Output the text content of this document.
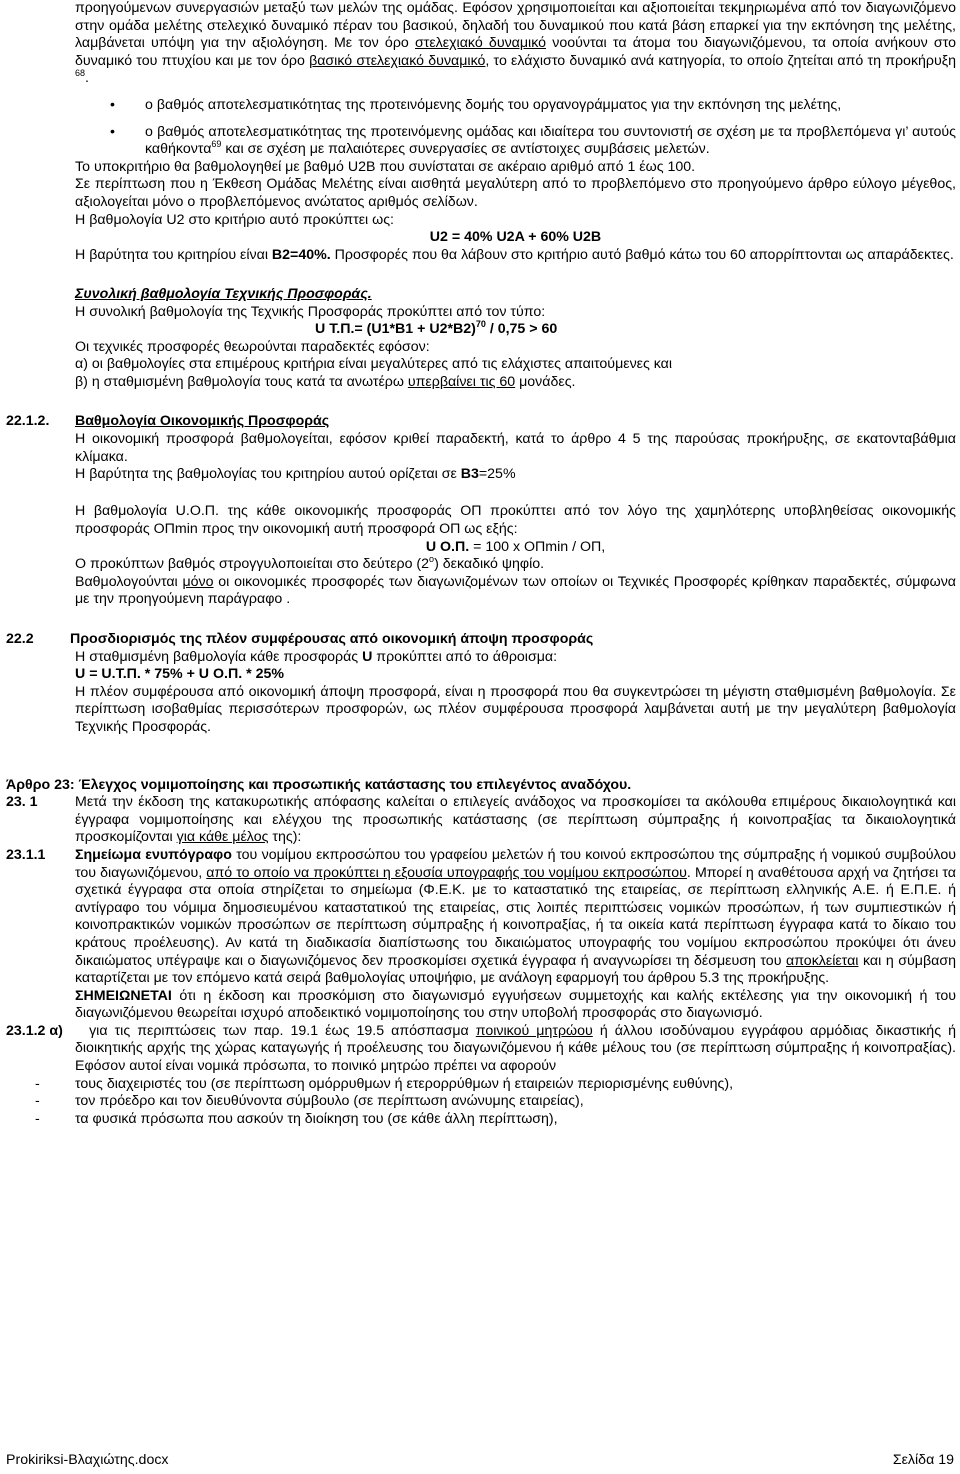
προηγούμενων συνεργασιών μεταξύ των μελών της ομάδας. Εφόσον χρησιμοποιείται και αξιοποιείται τεκμηριωμένα από τον διαγωνιζόμενο στην ομάδα μελέτης στελεχικό δυναμικό πέραν του βασικού, δηλαδή του δυναμικού που κατά βάση επαρκεί για την εκπόνηση της μελέτης, λαμβάνεται υπόψη για την αξιολόγηση. Με τον όρο στελεχιακό δυναμικό νοούνται τα άτομα του διαγωνιζόμενου, τα οποία ανήκουν στο δυναμικό του πτυχίου και με τον όρο βασικό στελεχιακό δυναμικό, το ελάχιστο δυναμικό ανά κατηγορία, το οποίο ζητείται από τη προκήρυξη $^{68}$.
• ο βαθμός αποτελεσματικότητας της προτεινόμενης δομής του οργανογράμματος για την εκπόνηση της μελέτης,
• ο βαθμός αποτελεσματικότητας της προτεινόμενης ομάδας και ιδιαίτερα του συντονιστή σε σχέση με τα προβλεπόμενα γι’ αυτούς καθήκοντα$^{69}$ και σε σχέση με παλαιότερες συνεργασίες σε αντίστοιχες συμβάσεις μελετών.
Το υποκριτήριο θα βαθμολογηθεί με βαθμό U2B που συνίσταται σε ακέραιο αριθμό από 1 έως 100.
Σε περίπτωση που η Έκθεση Ομάδας Μελέτης είναι αισθητά μεγαλύτερη από το προβλεπόμενο στο προηγούμενο άρθρο εύλογο μέγεθος, αξιολογείται μόνο ο προβλεπόμενος ανώτατος αριθμός σελίδων.
Η βαθμολογία U2 στο κριτήριο αυτό προκύπτει ως:
U2 = 40% U2A + 60% U2B
Η βαρύτητα του κριτηρίου είναι Β2=40%. Προσφορές που θα λάβουν στο κριτήριο αυτό βαθμό κάτω του 60 απορρίπτονται ως απαράδεκτες.
Συνολική βαθμολογία Τεχνικής Προσφοράς.
Η συνολική βαθμολογία της Τεχνικής Προσφοράς προκύπτει από τον τύπο:
U $T.\Pi.= (U1*B1 + U2*B2)^{70} / 0,75 > 60$
Οι τεχνικές προσφορές θεωρούνται παραδεκτές εφόσον:
α) οι βαθμολογίες στα επιμέρους κριτήρια είναι μεγαλύτερες από τις ελάχιστες απαιτούμενες και
β) η σταθμισμένη βαθμολογία τους κατά τα ανωτέρω υπερβαίνει τις 60 μονάδες.
22.1.2. Βαθμολογία Οικονομικής Προσφοράς
Η οικονομική προσφορά βαθμολογείται, εφόσον κριθεί παραδεκτή, κατά το άρθρο 4 5 της παρούσας προκήρυξης, σε εκατονταβάθμια κλίμακα.
Η βαρύτητα της βαθμολογίας του κριτηρίου αυτού ορίζεται σε Β3=25%
Η βαθμολογία U.Ο.Π. της κάθε οικονομικής προσφοράς ΟΠ προκύπτει από τον λόγο της χαμηλότερης υποβληθείσας οικονομικής προσφοράς ΟΠmin προς την οικονομική αυτή προσφορά ΟΠ ως εξής:
U O.Π. = 100 x ΟΠmin / ΟΠ,
Ο προκύπτων βαθμός στρογγυλοποιείται στο δεύτερο $(2^o)$ δεκαδικό ψηφίο.
Βαθμολογούνται μόνο οι οικονομικές προσφορές των διαγωνιζομένων των οποίων οι Τεχνικές Προσφορές κρίθηκαν παραδεκτές, σύμφωνα με την προηγούμενη παράγραφο .
22.2	Προσδιορισμός της πλέον συμφέρουσας από οικονομική άποψη προσφοράς
Η σταθμισμένη βαθμολογία κάθε προσφοράς U προκύπτει από το άθροισμα:
U = U.Τ.Π. * 75% + U O.Π. * 25%
Η πλέον συμφέρουσα από οικονομική άποψη προσφορά, είναι η προσφορά που θα συγκεντρώσει τη μέγιστη σταθμισμένη βαθμολογία. Σε περίπτωση ισοβαθμίας περισσότερων προσφορών, ως πλέον συμφέρουσα προσφορά λαμβάνεται αυτή με την μεγαλύτερη βαθμολογία Τεχνικής Προσφοράς.
Άρθρο 23: Έλεγχος νομιμοποίησης και προσωπικής κατάστασης του επιλεγέντος αναδόχου.
23. 1	Μετά την έκδοση της κατακυρωτικής απόφασης καλείται ο επιλεγείς ανάδοχος να προσκομίσει τα ακόλουθα επιμέρους δικαιολογητικά και έγγραφα νομιμοποίησης και ελέγχου της προσωπικής κατάστασης (σε περίπτωση σύμπραξης ή κοινοπραξίας τα δικαιολογητικά προσκομίζονται για κάθε μέλος της):
23.1.1 Σημείωμα ενυπόγραφο του νομίμου εκπροσώπου του γραφείου μελετών ή του κοινού εκπροσώπου της σύμπραξης ή νομικού συμβούλου του διαγωνιζόμενου, από το οποίο να προκύπτει η εξουσία υπογραφής του νομίμου εκπροσώπου. Μπορεί η αναθέτουσα αρχή να ζητήσει τα σχετικά έγγραφα στα οποία στηρίζεται το σημείωμα (Φ.Ε.Κ. με το καταστατικό της εταιρείας, σε περίπτωση ελληνικής Α.Ε. ή Ε.Π.Ε. ή αντίγραφο του νόμιμα δημοσιευμένου καταστατικού της εταιρείας, στις λοιπές περιπτώσεις νομικών προσώπων, ή των συμπιεστικών ή κοινοπρακτικών νομικών προσώπων σε περίπτωση σύμπραξης ή κοινοπραξίας, ή τα οικεία κατά περίπτωση έγγραφα κατά το δίκαιο του κράτους προέλευσης). Αν κατά τη διαδικασία διαπίστωσης του δικαιώματος υπογραφής του νομίμου εκπροσώπου προκύψει ότι άνευ δικαιώματος υπέγραψε και ο διαγωνιζόμενος δεν προσκομίσει σχετικά έγγραφα ή αναγνωρίσει τη δέσμευση του αποκλείεται και η σύμβαση καταρτίζεται με τον επόμενο κατά σειρά βαθμολογίας υποψήφιο, με ανάλογη εφαρμογή του άρθρου 5.3 της προκήρυξης.
ΣΗΜΕΙΩΝΕΤΑΙ ότι η έκδοση και προσκόμιση στο διαγωνισμό εγγυήσεων συμμετοχής και καλής εκτέλεσης για την οικονομική ή του διαγωνιζόμενου θεωρείται ισχυρό αποδεικτικό νομιμοποίησης του στην υποβολή προσφοράς στο διαγωνισμό.
23.1.2 α)	για τις περιπτώσεις των παρ. 19.1 έως 19.5 απόσπασμα ποινικού μητρώου ή άλλου ισοδύναμου εγγράφου αρμόδιας δικαστικής ή διοικητικής αρχής της χώρας καταγωγής ή προέλευσης του διαγωνιζόμενου ή κάθε μέλους του (σε περίπτωση σύμπραξης ή κοινοπραξίας). Εφόσον αυτοί είναι νομικά πρόσωπα, το ποινικό μητρώο πρέπει να αφορούν
- τους διαχειριστές του (σε περίπτωση ομόρρυθμων ή ετερορρύθμων ή εταιρειών περιορισμένης ευθύνης),
- τον πρόεδρο και τον διευθύνοντα σύμβουλο (σε περίπτωση ανώνυμης εταιρείας),
- τα φυσικά πρόσωπα που ασκούν τη διοίκηση του (σε κάθε άλλη περίπτωση),
Prokiriksi-Βλαχιώτης.docx	Σελίδα 19
